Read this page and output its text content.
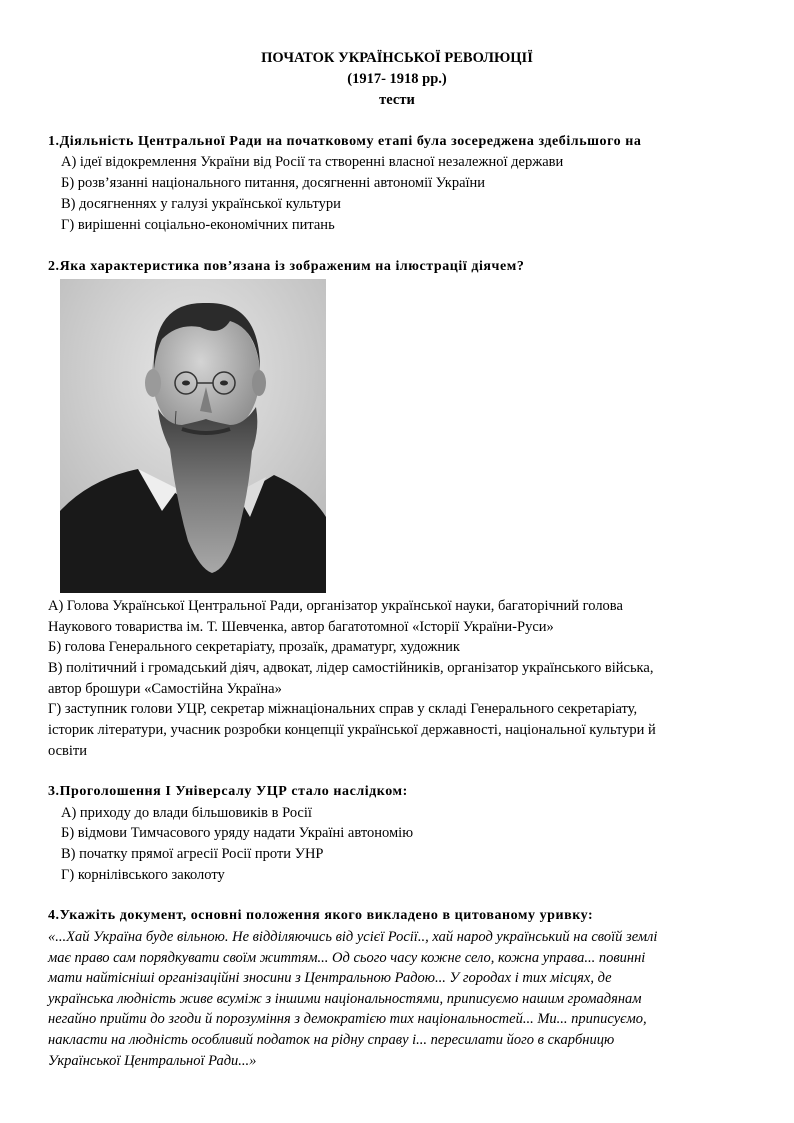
ПОЧАТОК УКРАЇНСЬКОЇ РЕВОЛЮЦІЇ

(1917- 1918 рр.)

тести

1.Діяльність Центральної Ради на початковому етапі була зосереджена здебільшого на

А) ідеї відокремлення України від Росії та створенні власної незалежної держави

Б) розв’язанні національного питання, досягненні автономії України

В) досягненнях у галузі української культури

Г) вирішенні соціально-економічних питань

2.Яка характеристика пов’язана із зображеним на ілюстрації діячем?

А) Голова Української Центральної Ради, організатор української науки, багаторічний голова

Наукового товариства ім. Т. Шевченка, автор багатотомної «Історії України-Руси»

Б) голова Генерального секретаріату, прозаїк, драматург, художник

В) політичний і громадський діяч, адвокат, лідер самостійників, організатор українського війська,

автор брошури «Самостійна Україна»

Г) заступник голови УЦР, секретар міжнаціональних справ у складі Генерального секретаріату,

історик літератури, учасник розробки концепції української державності, національної культури й

освіти

3.Проголошення І Універсалу УЦР стало наслідком:

А) приходу до влади більшовиків в Росії

Б) відмови Тимчасового уряду надати Україні автономію

В) початку прямої агресії Росії проти УНР

Г) корнілівського заколоту

4.Укажіть документ, основні положення якого викладено в цитованому уривку:

«...Хай Україна буде вільною. Не відділяючись від усієї Росії.., хай народ український на своїй землі
має право сам порядкувати своїм життям... Од сього часу кожне село, кожна управа... повинні
мати найтісніші організаційні зносини з Центральною Радою... У городах і тих місцях, де
українська людність живе всуміж з іншими національностями, приписуємо нашим громадянам
негайно прийти до згоди й порозуміння з демократією тих національностей... Ми... приписуємо,
накласти на людність особливий податок на рідну справу і... пересилати його в скарбницю
Української Центральної Ради...»
